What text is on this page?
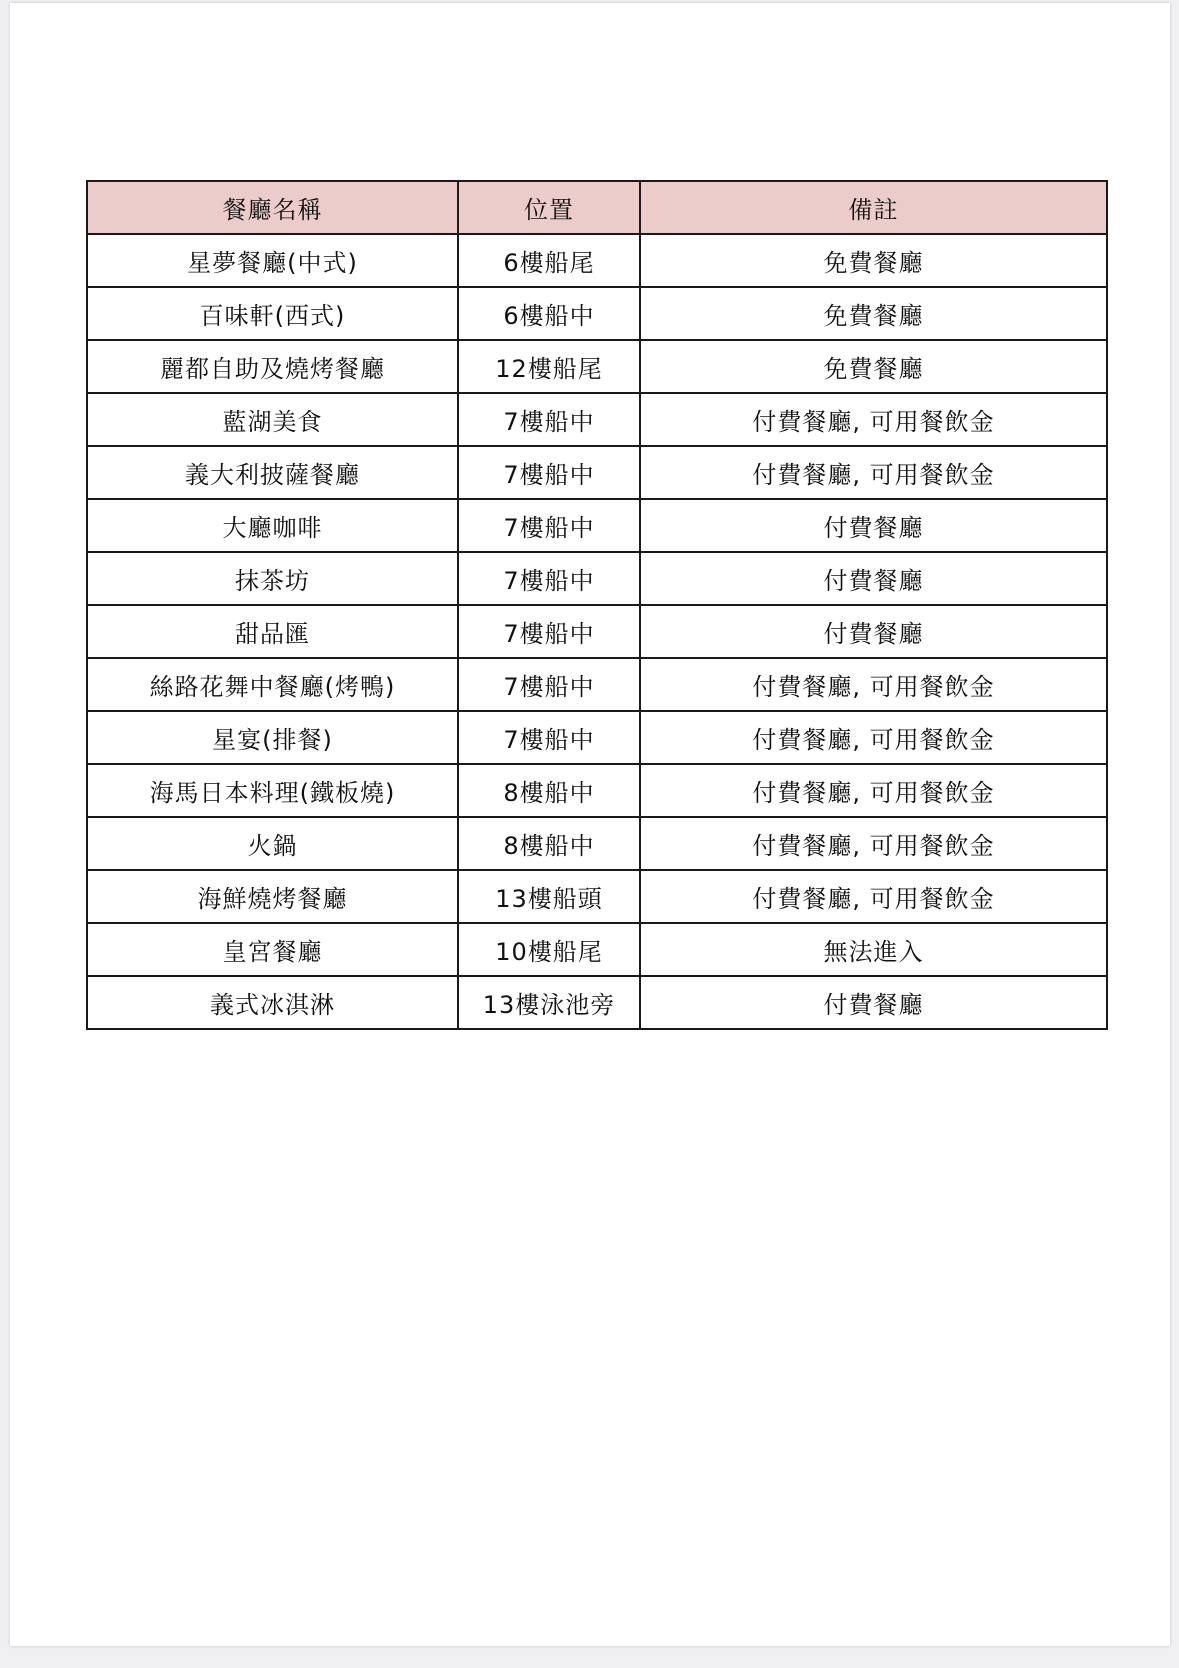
餐廳名稱	位置	備註
星夢餐廳(中式)	6樓船尾	免費餐廳
百味軒(西式)	6樓船中	免費餐廳
麗都自助及燒烤餐廳	12樓船尾	免費餐廳
藍湖美食	7樓船中	付費餐廳, 可用餐飲金
義大利披薩餐廳	7樓船中	付費餐廳, 可用餐飲金
大廳咖啡	7樓船中	付費餐廳
抹茶坊	7樓船中	付費餐廳
甜品匯	7樓船中	付費餐廳
絲路花舞中餐廳(烤鴨)	7樓船中	付費餐廳, 可用餐飲金
星宴(排餐)	7樓船中	付費餐廳, 可用餐飲金
海馬日本料理(鐵板燒)	8樓船中	付費餐廳, 可用餐飲金
火鍋	8樓船中	付費餐廳, 可用餐飲金
海鮮燒烤餐廳	13樓船頭	付費餐廳, 可用餐飲金
皇宮餐廳	10樓船尾	無法進入
義式冰淇淋	13樓泳池旁	付費餐廳
